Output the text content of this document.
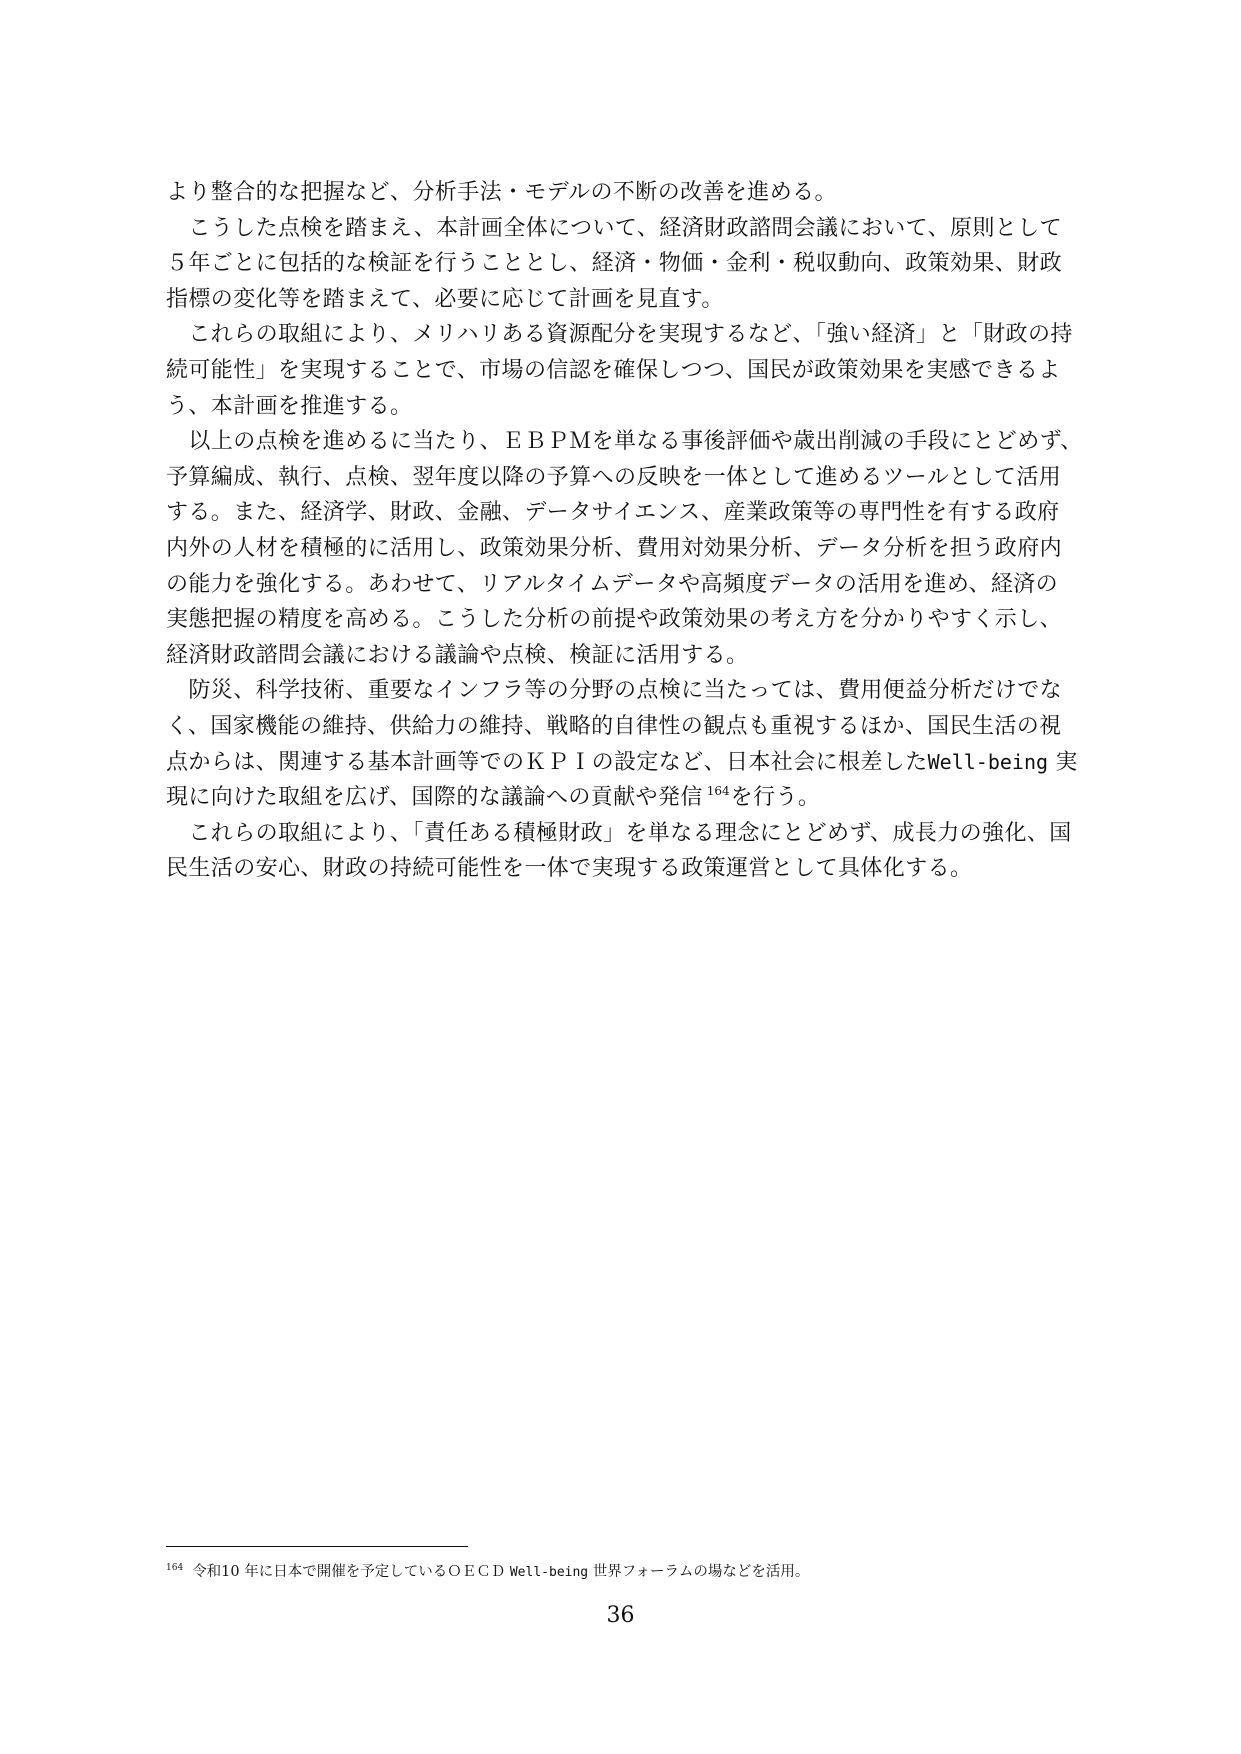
より整合的な把握など、分析手法・モデルの不断の改善を進める。
　こうした点検を踏まえ、本計画全体について、経済財政諮問会議において、原則として
５年ごとに包括的な検証を行うこととし、経済・物価・金利・税収動向、政策効果、財政
指標の変化等を踏まえて、必要に応じて計画を見直す。
　これらの取組により、メリハリある資源配分を実現するなど、「強い経済」と「財政の持
続可能性」を実現することで、市場の信認を確保しつつ、国民が政策効果を実感できるよ
う、本計画を推進する。
　以上の点検を進めるに当たり、ＥＢＰＭを単なる事後評価や歳出削減の手段にとどめず、
予算編成、執行、点検、翌年度以降の予算への反映を一体として進めるツールとして活用
する。また、経済学、財政、金融、データサイエンス、産業政策等の専門性を有する政府
内外の人材を積極的に活用し、政策効果分析、費用対効果分析、データ分析を担う政府内
の能力を強化する。あわせて、リアルタイムデータや高頻度データの活用を進め、経済の
実態把握の精度を高める。こうした分析の前提や政策効果の考え方を分かりやすく示し、
経済財政諮問会議における議論や点検、検証に活用する。
　防災、科学技術、重要なインフラ等の分野の点検に当たっては、費用便益分析だけでな
く、国家機能の維持、供給力の維持、戦略的自律性の観点も重視するほか、国民生活の視
点からは、関連する基本計画等でのＫＰＩの設定など、日本社会に根差したWell-being 実
現に向けた取組を広げ、国際的な議論への貢献や発信 $^{164}$を行う。
　これらの取組により、「責任ある積極財政」を単なる理念にとどめず、成長力の強化、国
民生活の安心、財政の持続可能性を一体で実現する政策運営として具体化する。
$^{164}$ 令和10 年に日本で開催を予定しているＯＥＣＤ Well-being 世界フォーラムの場などを活用。
36
